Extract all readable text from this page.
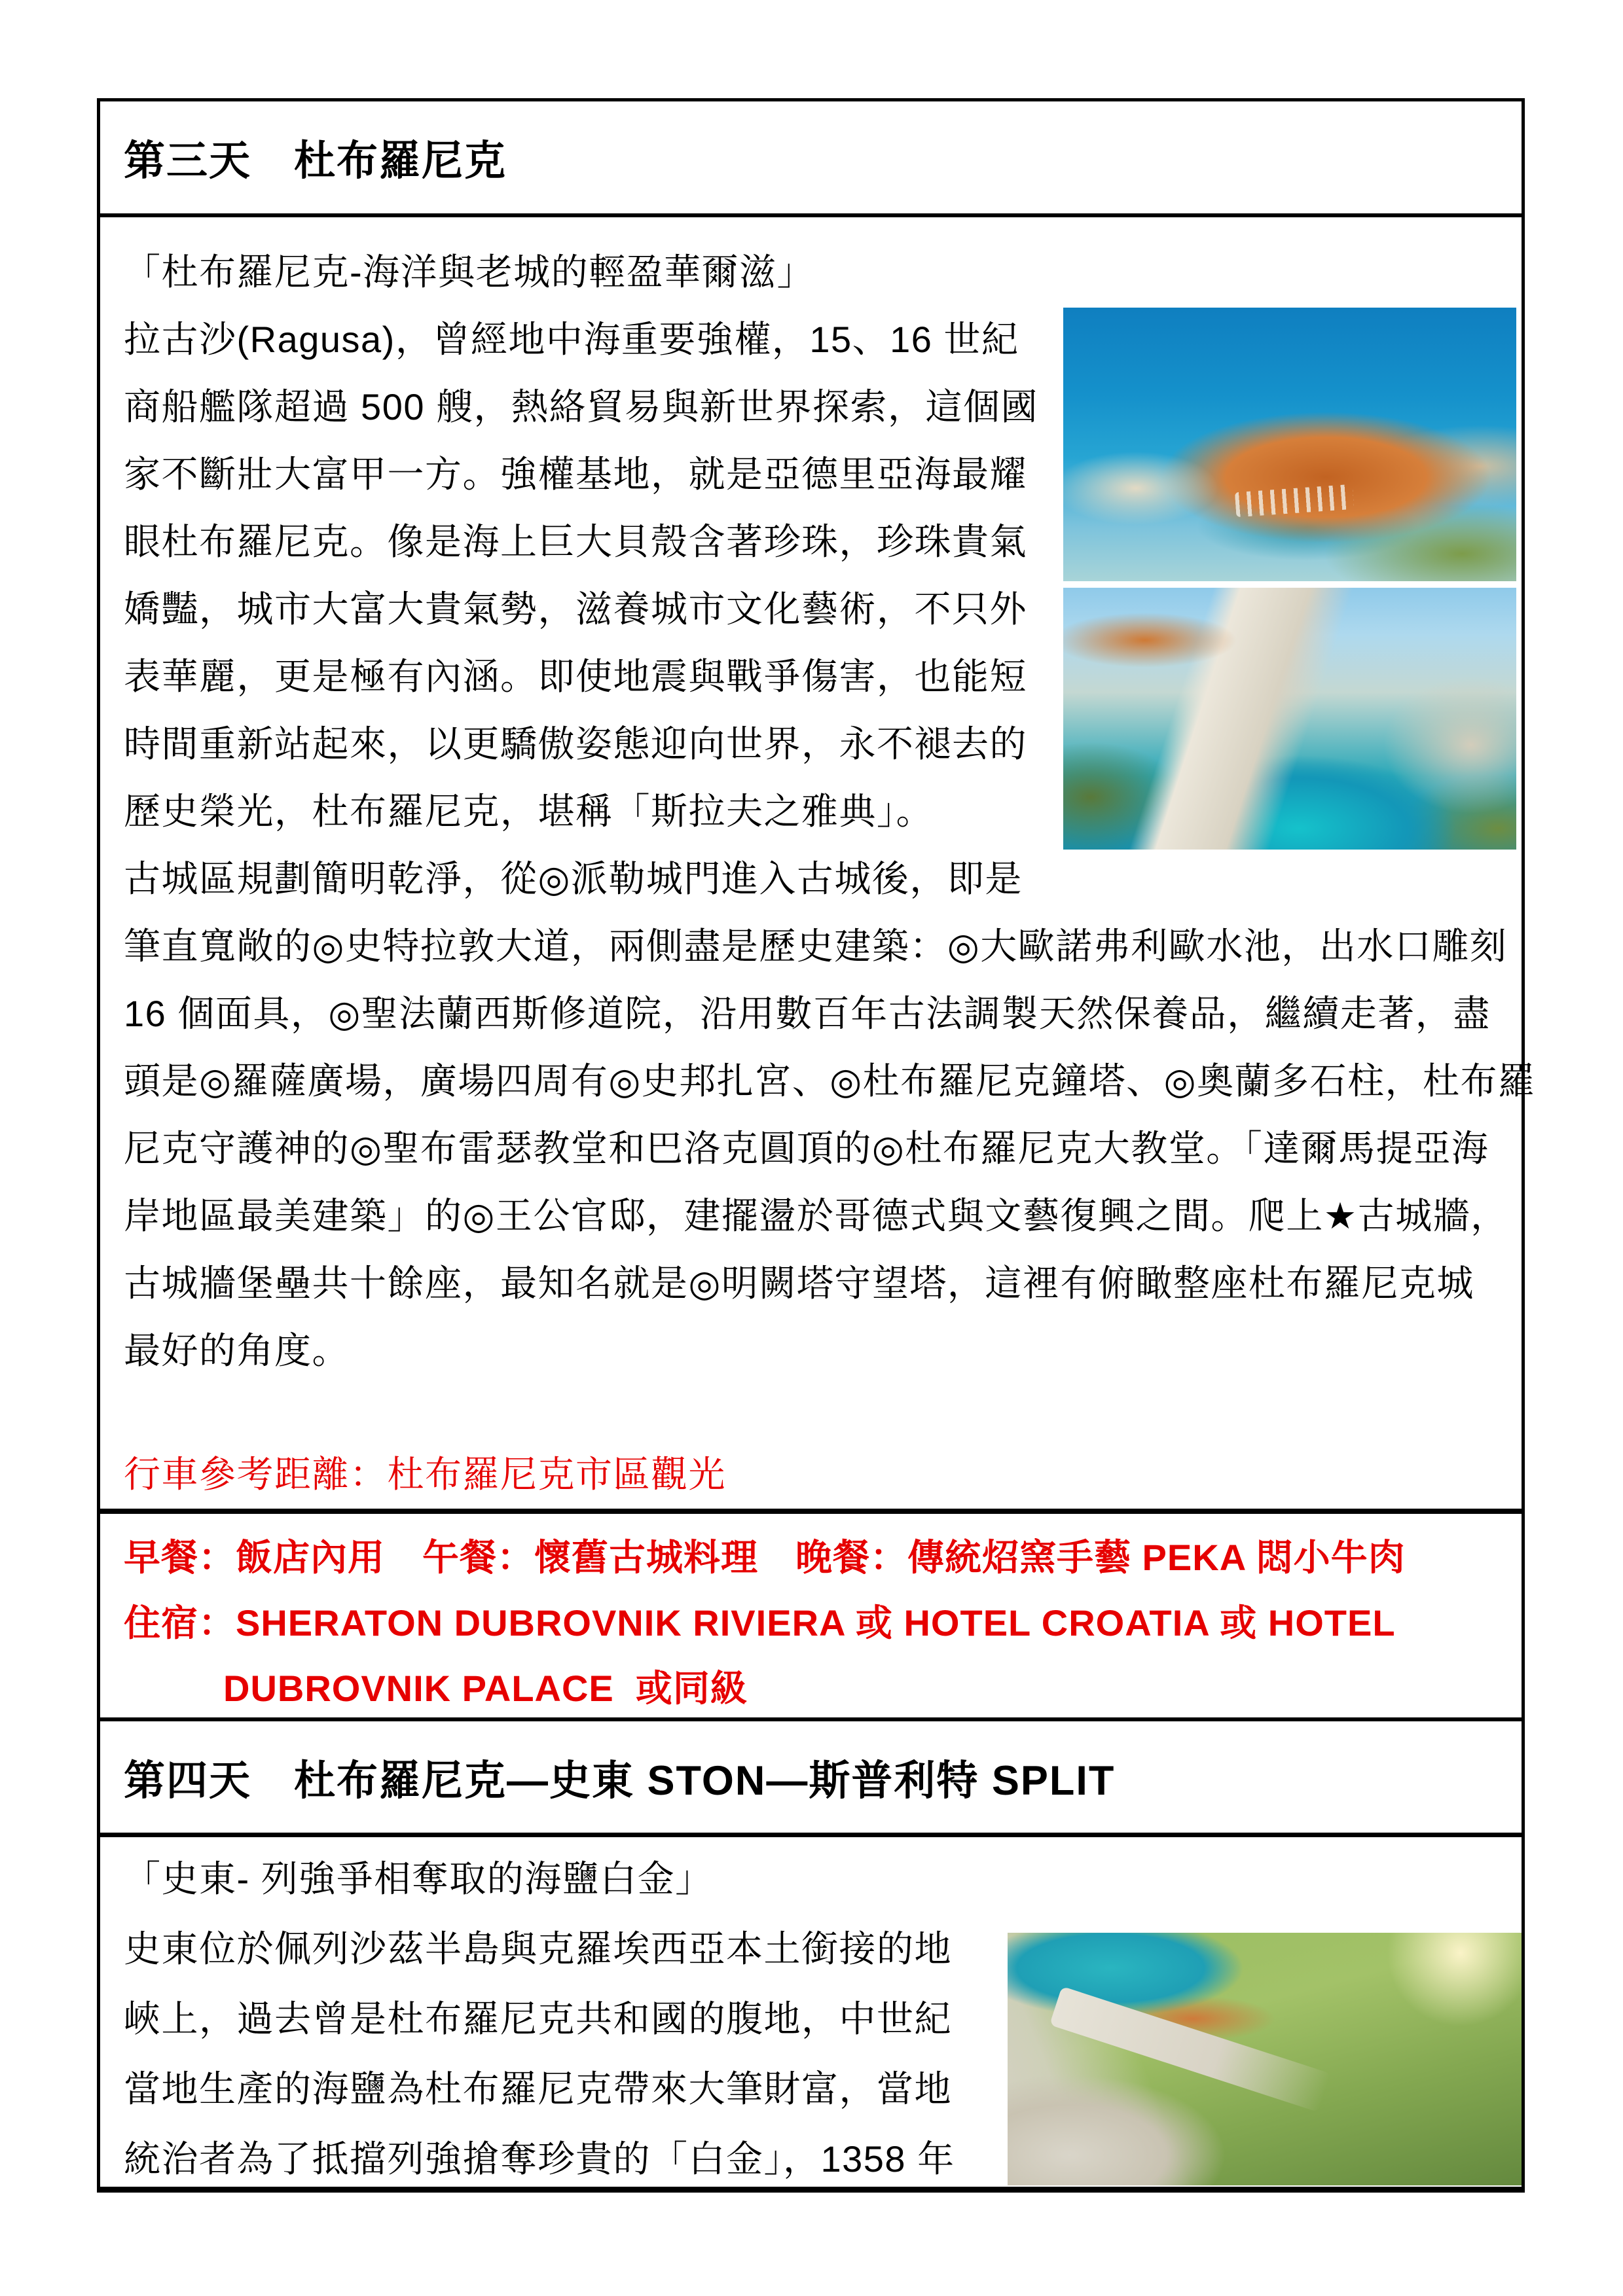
第三天　杜布羅尼克
「杜布羅尼克-海洋與老城的輕盈華爾滋」
拉古沙(Ragusa)，曾經地中海重要強權，15、16 世紀
商船艦隊超過 500 艘，熱絡貿易與新世界探索，這個國
家不斷壯大富甲一方。強權基地，就是亞德里亞海最耀
眼杜布羅尼克。像是海上巨大貝殼含著珍珠，珍珠貴氣
嬌豔，城市大富大貴氣勢，滋養城市文化藝術，不只外
表華麗，更是極有內涵。即使地震與戰爭傷害，也能短
時間重新站起來，以更驕傲姿態迎向世界，永不褪去的
歷史榮光，杜布羅尼克，堪稱「斯拉夫之雅典」。
古城區規劃簡明乾淨，從◎派勒城門進入古城後，即是
筆直寬敞的◎史特拉敦大道，兩側盡是歷史建築：◎大歐諾弗利歐水池，出水口雕刻
16 個面具，◎聖法蘭西斯修道院，沿用數百年古法調製天然保養品，繼續走著，盡
頭是◎羅薩廣場，廣場四周有◎史邦扎宮、◎杜布羅尼克鐘塔、◎奧蘭多石柱，杜布羅
尼克守護神的◎聖布雷瑟教堂和巴洛克圓頂的◎杜布羅尼克大教堂。「達爾馬提亞海
岸地區最美建築」的◎王公官邸，建擺盪於哥德式與文藝復興之間。爬上★古城牆，
古城牆堡壘共十餘座，最知名就是◎明闕塔守望塔，這裡有俯瞰整座杜布羅尼克城
最好的角度。
行車參考距離：杜布羅尼克市區觀光
早餐：飯店內用　午餐：懷舊古城料理　晚餐：傳統炤窯手藝 PEKA 悶小牛肉
住宿：SHERATON DUBROVNIK RIVIERA 或 HOTEL CROATIA 或 HOTEL
DUBROVNIK PALACE  或同級
第四天　杜布羅尼克—史東 STON—斯普利特 SPLIT
「史東- 列強爭相奪取的海鹽白金」
史東位於佩列沙茲半島與克羅埃西亞本土銜接的地
峽上，過去曾是杜布羅尼克共和國的腹地，中世紀
當地生產的海鹽為杜布羅尼克帶來大筆財富，當地
統治者為了抵擋列強搶奪珍貴的「白金」，1358 年
